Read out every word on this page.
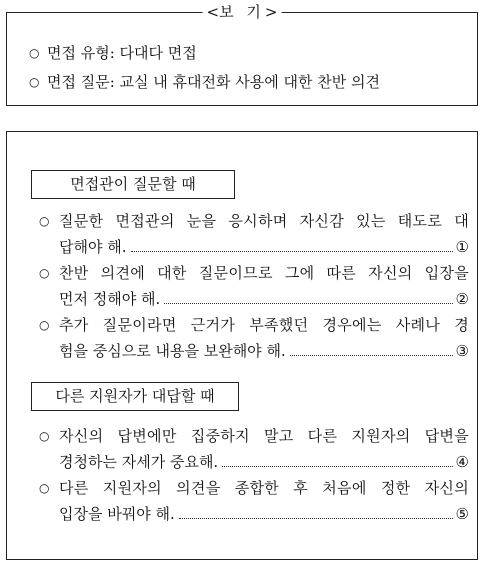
<보 기>
○ 면접 유형: 다대다 면접
○ 면접 질문: 교실 내 휴대전화 사용에 대한 찬반 의견
면접관이 질문할 때
○ 질문한 면접관의 눈을 응시하며 자신감 있는 태도로 대
답해야 해.	①
○ 찬반 의견에 대한 질문이므로 그에 따른 자신의 입장을
먼저 정해야 해.	②
○ 추가 질문이라면 근거가 부족했던 경우에는 사례나 경
험을 중심으로 내용을 보완해야 해.	③
다른 지원자가 대답할 때
○ 자신의 답변에만 집중하지 말고 다른 지원자의 답변을
경청하는 자세가 중요해.	④
○ 다른 지원자의 의견을 종합한 후 처음에 정한 자신의
입장을 바꿔야 해.	⑤
